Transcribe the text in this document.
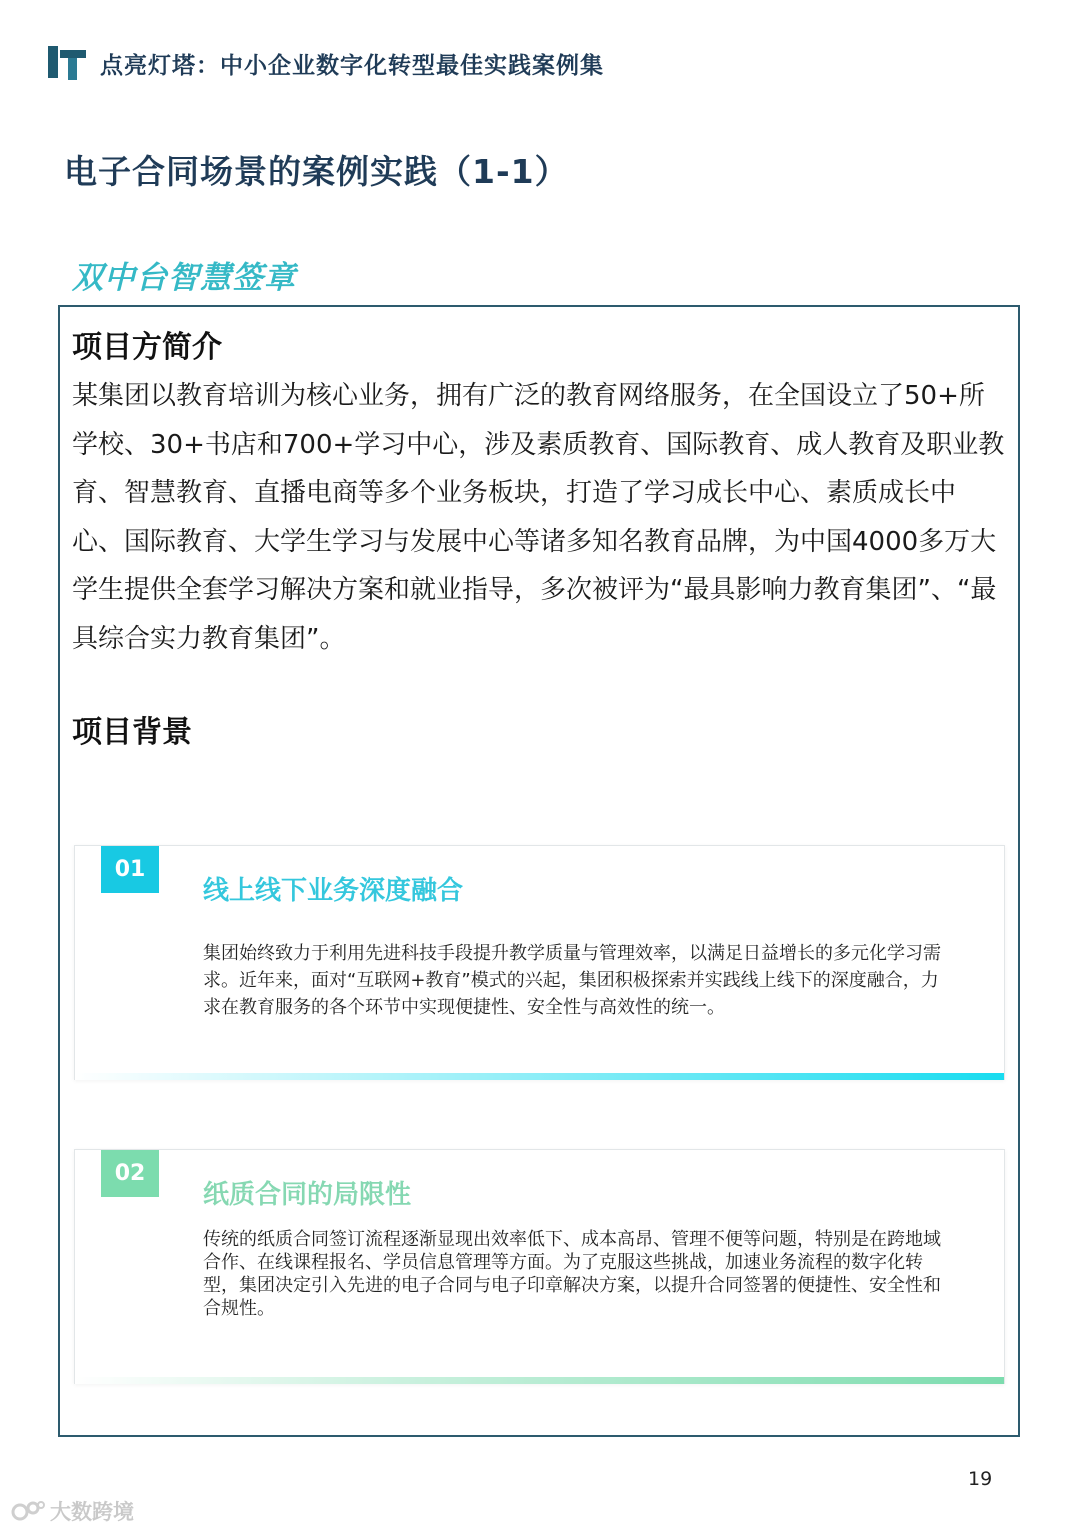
点亮灯塔：中小企业数字化转型最佳实践案例集
电子合同场景的案例实践（1-1）
双中台智慧签章
项目方简介

某集团以教育培训为核心业务，拥有广泛的教育网络服务，在全国设立了50+所学校、30+书店和700+学习中心，涉及素质教育、国际教育、成人教育及职业教育、智慧教育、直播电商等多个业务板块，打造了学习成长中心、素质成长中心、国际教育、大学生学习与发展中心等诸多知名教育品牌，为中国4000多万大学生提供全套学习解决方案和就业指导，多次被评为“最具影响力教育集团”、“最具综合实力教育集团”。

项目背景
01
线上线下业务深度融合

集团始终致力于利用先进科技手段提升教学质量与管理效率，以满足日益增长的多元化学习需求。近年来，面对“互联网+教育”模式的兴起，集团积极探索并实践线上线下的深度融合，力求在教育服务的各个环节中实现便捷性、安全性与高效性的统一。

02
纸质合同的局限性

传统的纸质合同签订流程逐渐显现出效率低下、成本高昂、管理不便等问题，特别是在跨地域合作、在线课程报名、学员信息管理等方面。为了克服这些挑战，加速业务流程的数字化转型，集团决定引入先进的电子合同与电子印章解决方案，以提升合同签署的便捷性、安全性和合规性。

19
大数跨境
